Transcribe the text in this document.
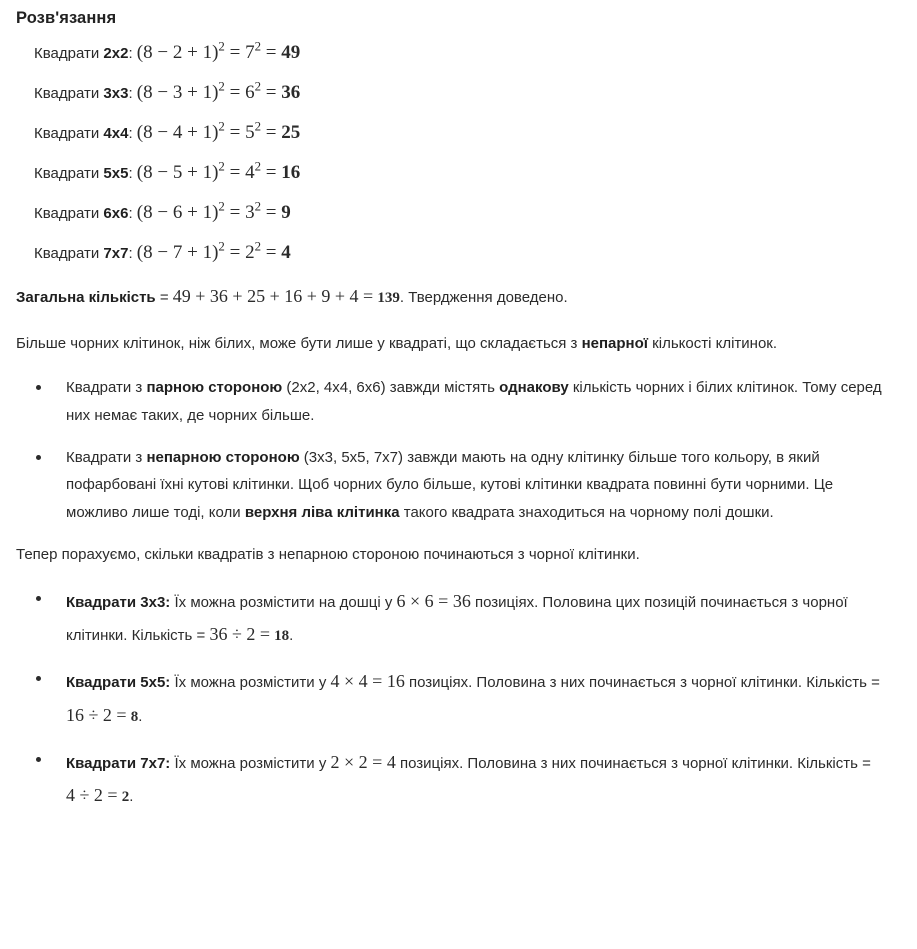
Розв'язання
Квадрати 2x2: $(8 - 2 + 1)^2 = 7^2 = 49$
Квадрати 3x3: $(8 - 3 + 1)^2 = 6^2 = 36$
Квадрати 4x4: $(8 - 4 + 1)^2 = 5^2 = 25$
Квадрати 5x5: $(8 - 5 + 1)^2 = 4^2 = 16$
Квадрати 6x6: $(8 - 6 + 1)^2 = 3^2 = 9$
Квадрати 7x7: $(8 - 7 + 1)^2 = 2^2 = 4$
Загальна кількість = 49 + 36 + 25 + 16 + 9 + 4 = 139. Твердження доведено.

Більше чорних клітинок, ніж білих, може бути лише у квадраті, що складається з непарної кількості клітинок.

Квадрати з парною стороною (2x2, 4x4, 6x6) завжди містять однакову кількість чорних і білих клітинок. Тому серед них немає таких, де чорних більше.
Квадрати з непарною стороною (3x3, 5x5, 7x7) завжди мають на одну клітинку більше того кольору, в який пофарбовані їхні кутові клітинки. Щоб чорних було більше, кутові клітинки квадрата повинні бути чорними. Це можливо лише тоді, коли верхня ліва клітинка такого квадрата знаходиться на чорному полі дошки.

Тепер порахуємо, скільки квадратів з непарною стороною починаються з чорної клітинки.

Квадрати 3x3: Їх можна розмістити на дошці у 6 × 6 = 36 позиціях. Половина цих позицій починається з чорної клітинки. Кількість = 36 ÷ 2 = 18.
Квадрати 5x5: Їх можна розмістити у 4 × 4 = 16 позиціях. Половина з них починається з чорної клітинки. Кількість = 16 ÷ 2 = 8.
Квадрати 7x7: Їх можна розмістити у 2 × 2 = 4 позиціях. Половина з них починається з чорної клітинки. Кількість = 4 ÷ 2 = 2.
